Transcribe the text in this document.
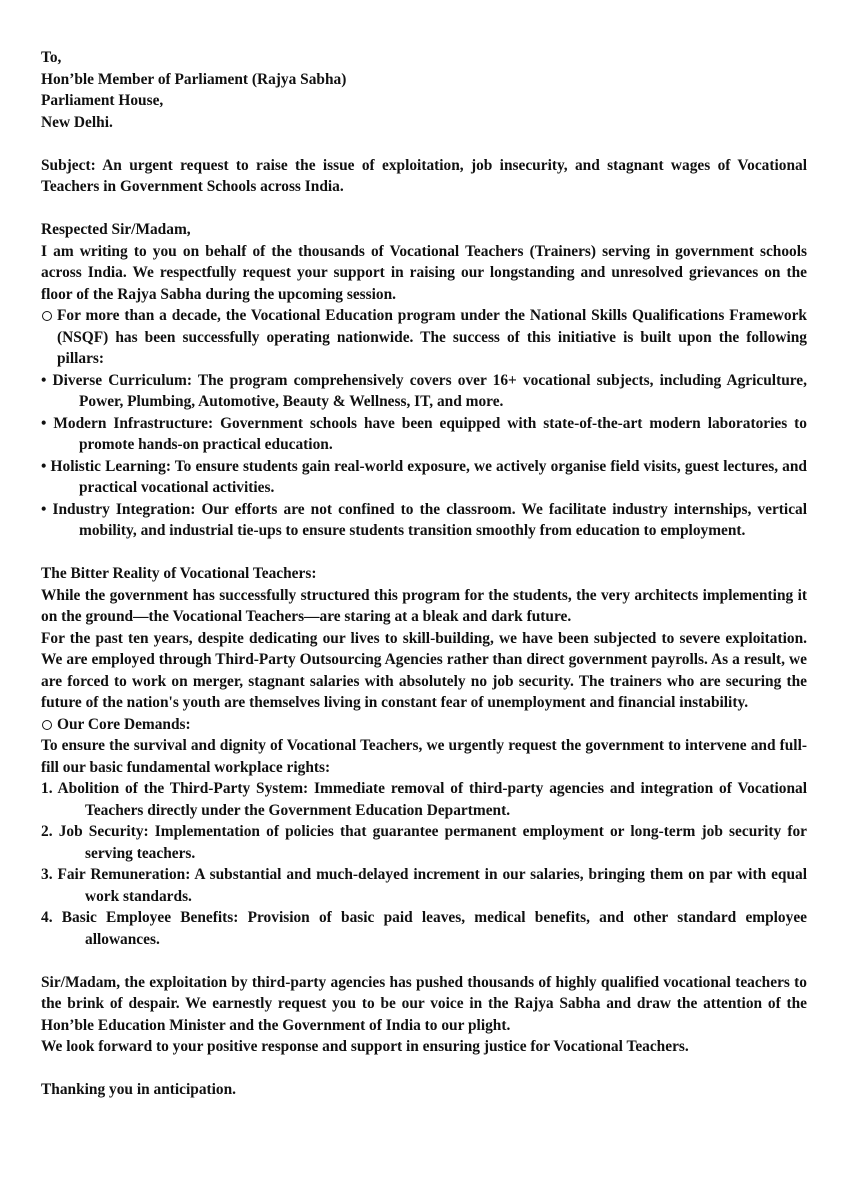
To,
Hon’ble Member of Parliament (Rajya Sabha)
Parliament House,
New Delhi.

Subject: An urgent request to raise the issue of exploitation, job insecurity, and stagnant wages of Vocational Teachers in Government Schools across India.

Respected Sir/Madam,

I am writing to you on behalf of the thousands of Vocational Teachers (Trainers) serving in government schools across India. We respectfully request your support in raising our longstanding and unresolved grievances on the floor of the Rajya Sabha during the upcoming session.

For more than a decade, the Vocational Education program under the National Skills Qualifications Framework (NSQF) has been successfully operating nationwide. The success of this initiative is built upon the following pillars:

• Diverse Curriculum: The program comprehensively covers over 16+ vocational subjects, including Agriculture, Power, Plumbing, Automotive, Beauty & Wellness, IT, and more.

• Modern Infrastructure: Government schools have been equipped with state-of-the-art modern laboratories to promote hands-on practical education.

• Holistic Learning: To ensure students gain real-world exposure, we actively organise field visits, guest lectures, and practical vocational activities.

• Industry Integration: Our efforts are not confined to the classroom. We facilitate industry internships, vertical mobility, and industrial tie-ups to ensure students transition smoothly from education to employment.

The Bitter Reality of Vocational Teachers:

While the government has successfully structured this program for the students, the very architects implementing it on the ground—the Vocational Teachers—are staring at a bleak and dark future.

For the past ten years, despite dedicating our lives to skill-building, we have been subjected to severe exploitation. We are employed through Third-Party Outsourcing Agencies rather than direct government payrolls. As a result, we are forced to work on merger, stagnant salaries with absolutely no job security. The trainers who are securing the future of the nation's youth are themselves living in constant fear of unemployment and financial instability.

Our Core Demands:

To ensure the survival and dignity of Vocational Teachers, we urgently request the government to intervene and full-fill our basic fundamental workplace rights:

1. Abolition of the Third-Party System: Immediate removal of third-party agencies and integration of Vocational Teachers directly under the Government Education Department.

2. Job Security: Implementation of policies that guarantee permanent employment or long-term job security for serving teachers.

3. Fair Remuneration: A substantial and much-delayed increment in our salaries, bringing them on par with equal work standards.

4. Basic Employee Benefits: Provision of basic paid leaves, medical benefits, and other standard employee allowances.

Sir/Madam, the exploitation by third-party agencies has pushed thousands of highly qualified vocational teachers to the brink of despair. We earnestly request you to be our voice in the Rajya Sabha and draw the attention of the Hon’ble Education Minister and the Government of India to our plight.

We look forward to your positive response and support in ensuring justice for Vocational Teachers.

Thanking you in anticipation.
